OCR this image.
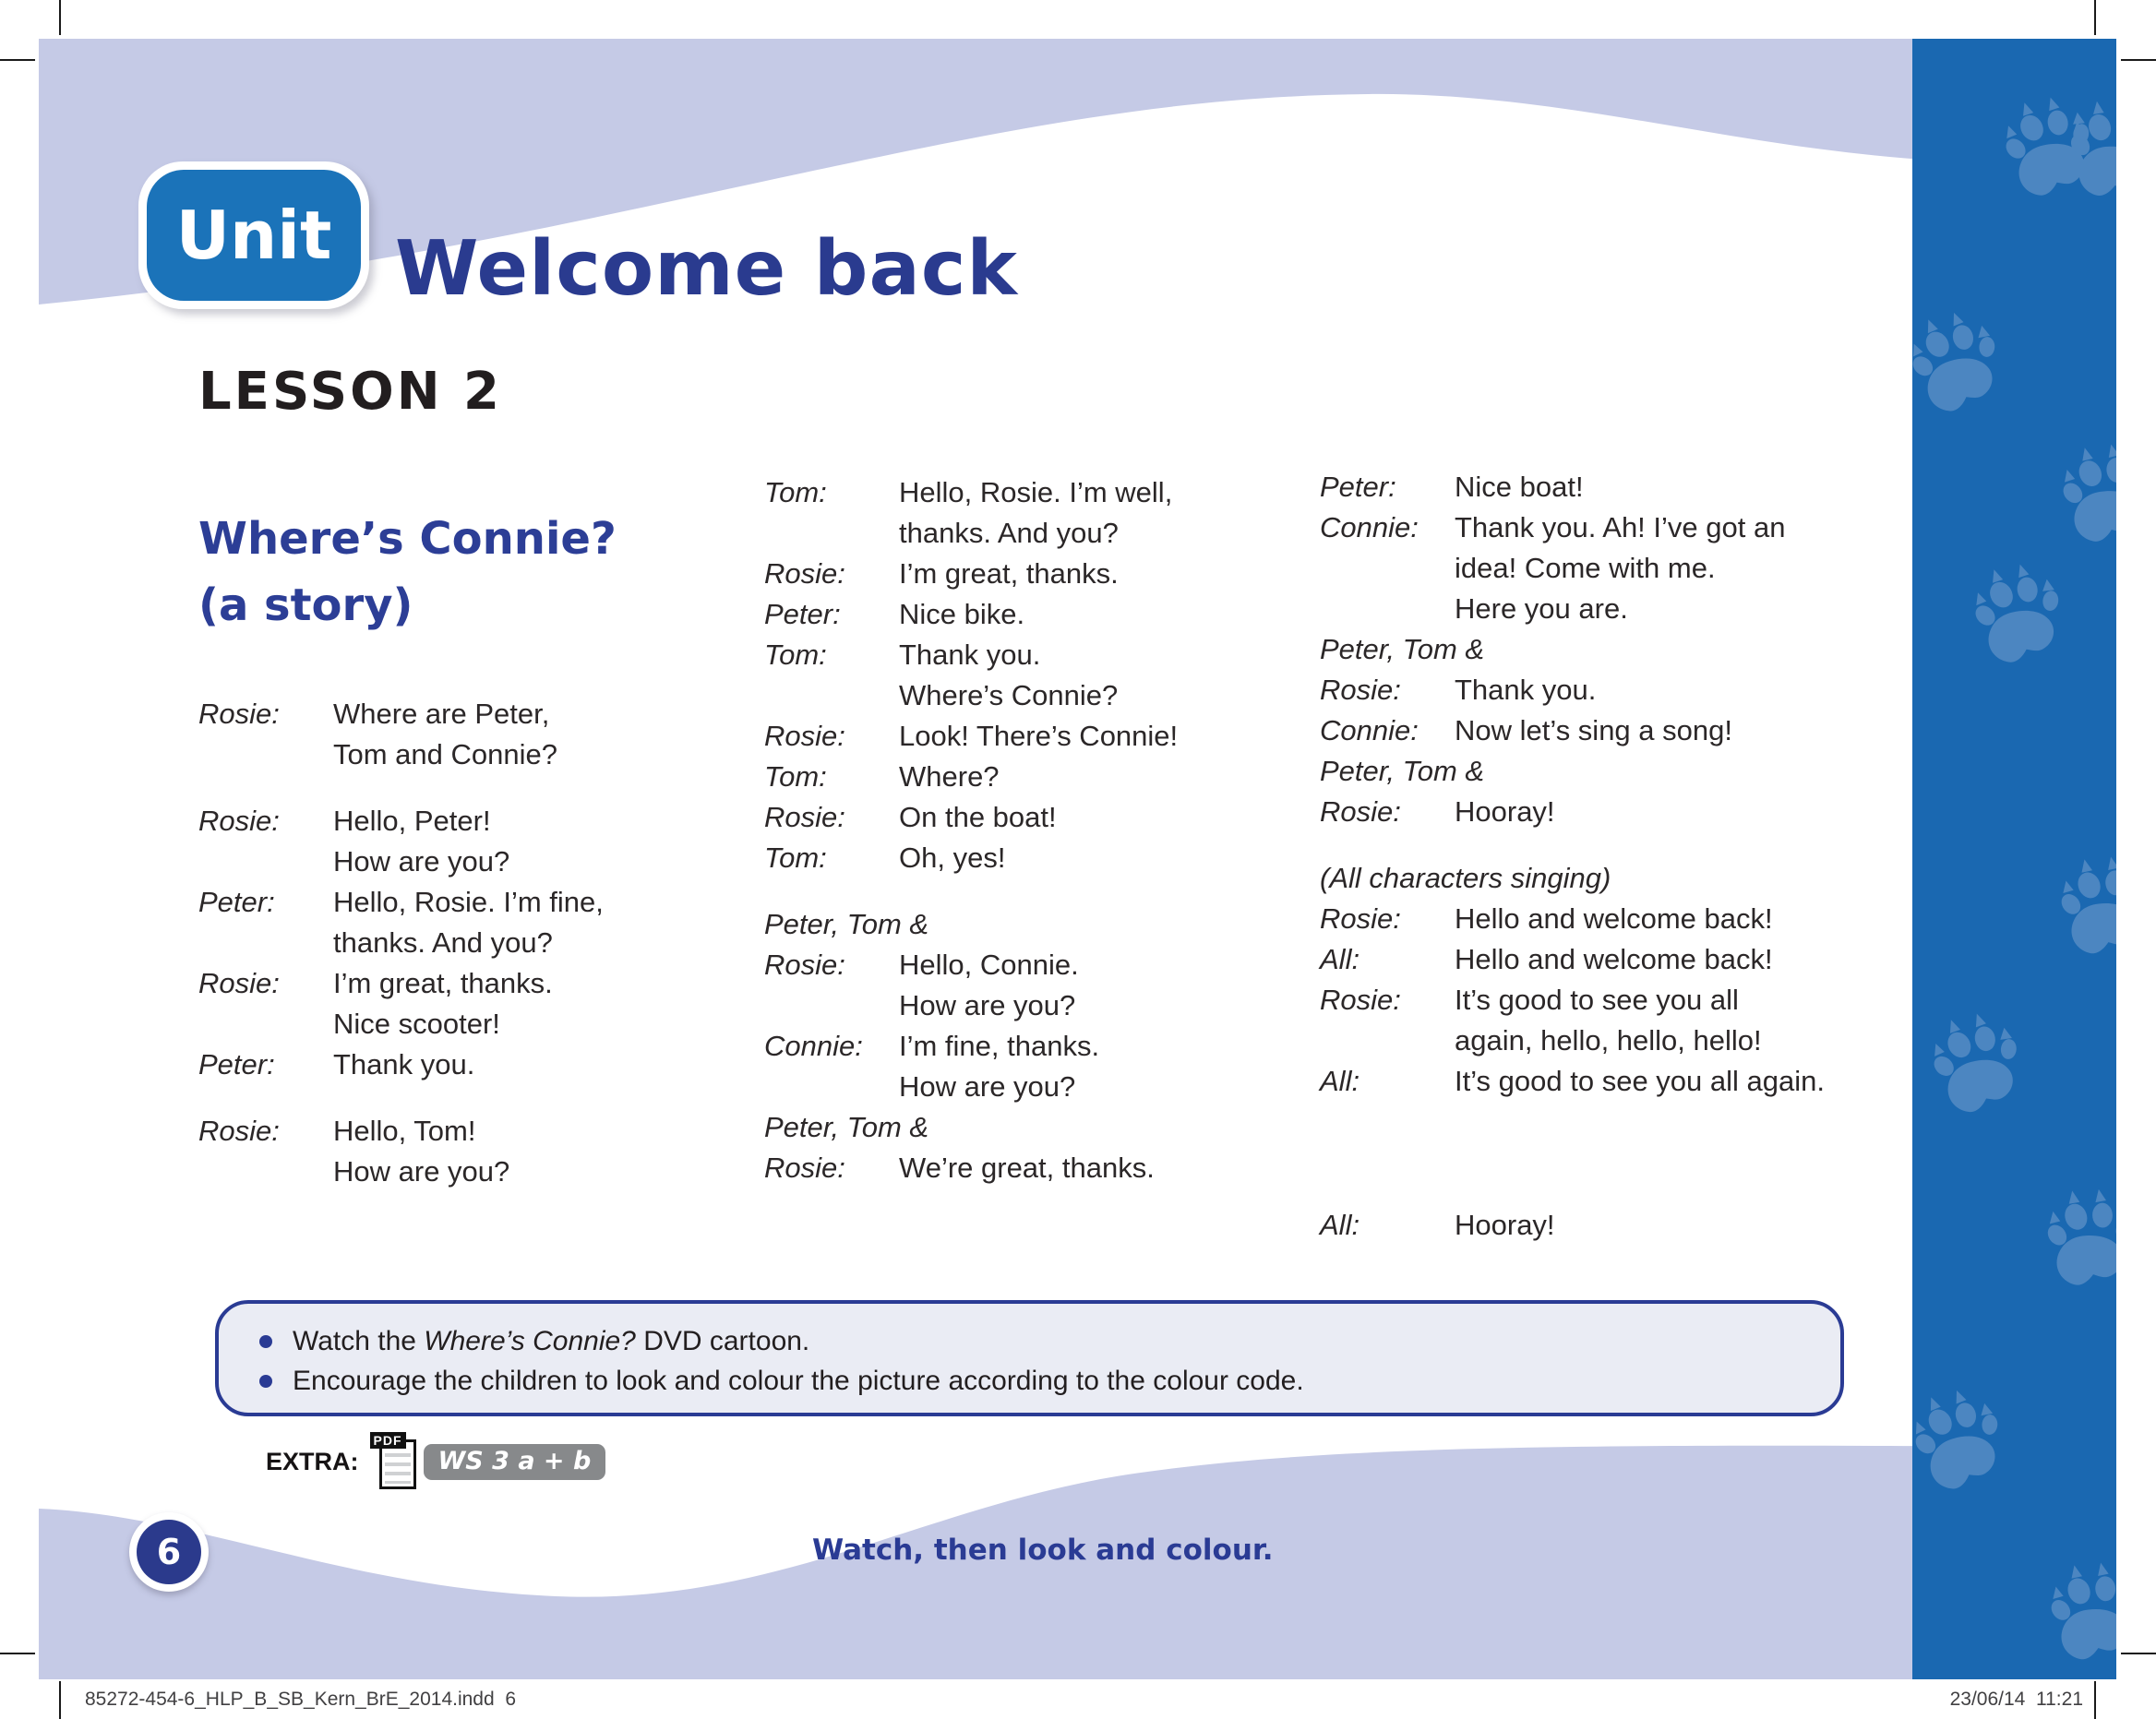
Unit Welcome back
LESSON 2
Where’s Connie?
(a story)
Rosie:	Where are Peter,
Tom and Connie?
Rosie:	Hello, Peter!
How are you?
Peter:	Hello, Rosie. I’m fine,
thanks. And you?
Rosie:	I’m great, thanks.
Nice scooter!
Peter:	Thank you.
Rosie:	Hello, Tom!
How are you?
Tom:	Hello, Rosie. I’m well,
thanks. And you?
Rosie:	I’m great, thanks.
Peter:	Nice bike.
Tom:	Thank you.
Where’s Connie?
Rosie:	Look! There’s Connie!
Tom:	Where?
Rosie:	On the boat!
Tom:	Oh, yes!
Peter, Tom &
Rosie:	Hello, Connie.
How are you?
Connie:	I’m fine, thanks.
How are you?
Peter, Tom &
Rosie:	We’re great, thanks.
Peter:	Nice boat!
Connie:	Thank you. Ah! I’ve got an
idea! Come with me.
Here you are.
Peter, Tom &
Rosie:	Thank you.
Connie:	Now let’s sing a song!
Peter, Tom &
Rosie:	Hooray!
(All characters singing)
Rosie:	Hello and welcome back!
All:	Hello and welcome back!
Rosie:	It’s good to see you all
again, hello, hello, hello!
All:	It’s good to see you all again.
All:	Hooray!
Watch the Where’s Connie? DVD cartoon.
Encourage the children to look and colour the picture according to the colour code.
EXTRA:
PDF
WS 3 a + b
6	Watch, then look and colour.
85272-454-6_HLP_B_SB_Kern_BrE_2014.indd  6	23/06/14  11:21
